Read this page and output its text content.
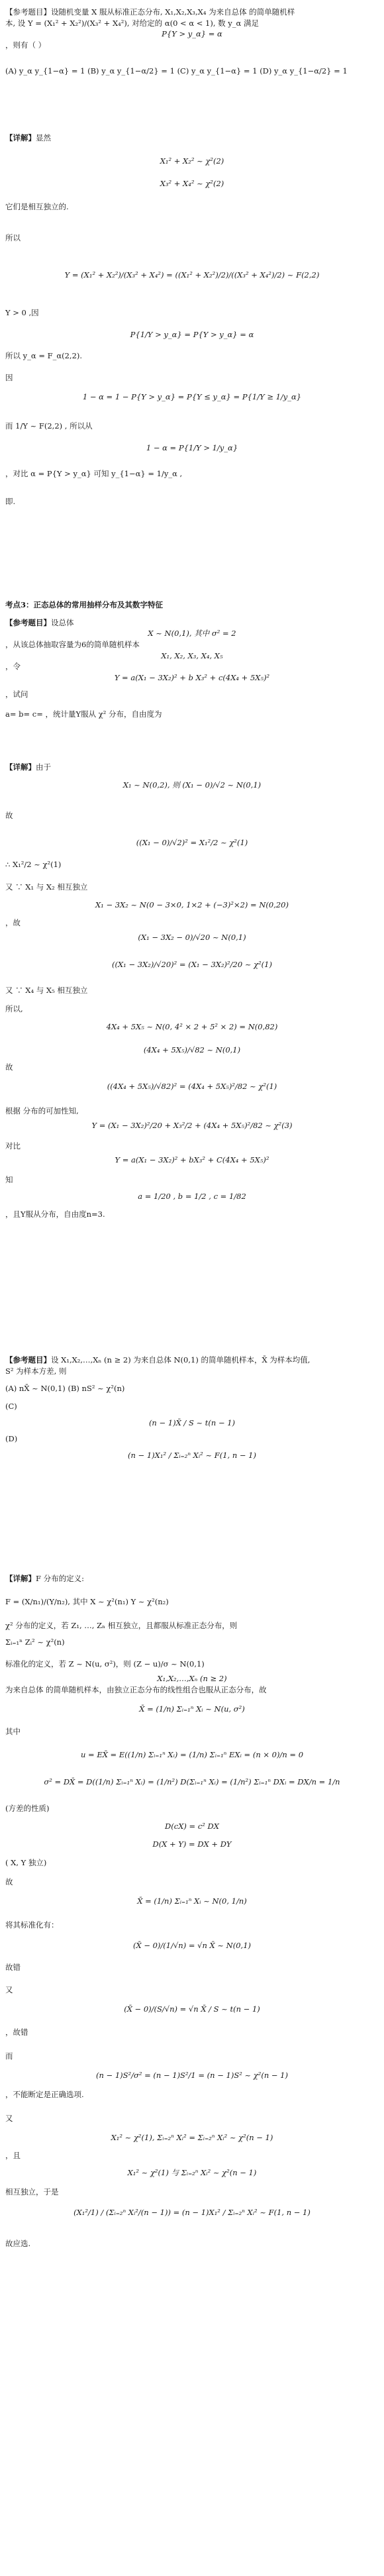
【参考题目】设随机变量 X 服从标准正态分布, X₁,X₂,X₃,X₄ 为来自总体 的简单随机样

本, 设 Y = (X₁² + X₂²)/(X₃² + X₄²), 对给定的 α(0 < α < 1), 数 y_α 满足

P{Y > y_α} = α

，则有（ ）

(A) y_α y_{1−α} = 1 (B) y_α y_{1−α/2} = 1 (C) y_α y_{1−α} = 1 (D) y_α y_{1−α/2} = 1

【详解】显然

X₁² + X₂² ~ χ²(2)

X₃² + X₄² ~ χ²(2)

它们是相互独立的.

所以

Y = (X₁² + X₂²)/(X₃² + X₄²) = ((X₁² + X₂²)/2)/((X₃² + X₄²)/2) ~ F(2,2)

Y > 0 ,因

P{1/Y > y_α} = P{Y > y_α} = α

所以 y_α = F_α(2,2).

因

1 − α = 1 − P{Y > y_α} = P{Y ≤ y_α} = P{1/Y ≥ 1/y_α}

而 1/Y ~ F(2,2) , 所以从

1 − α = P{1/Y > 1/y_α}

，对比 α = P{Y > y_α} 可知 y_{1−α} = 1/y_α ,

即.

考点3：正态总体的常用抽样分布及其数字特征

【参考题目】设总体

X ~ N(0,1), 其中 σ² = 2

，从该总体抽取容量为6的简单随机样本

X₁, X₂, X₃, X₄, X₅

，令

Y = a(X₁ − 3X₂)² + b X₃² + c(4X₄ + 5X₅)²

，试问

a= b= c= ，统计量Y服从 χ² 分布，自由度为

【详解】由于

X₁ ~ N(0,2), 则 (X₁ − 0)/√2 ~ N(0,1)

故

((X₁ − 0)/√2)² = X₁²/2 ~ χ²(1)

∴ X₁²/2 ~ χ²(1)

又 ∵ X₁ 与 X₂ 相互独立

X₁ − 3X₂ ~ N(0 − 3×0, 1×2 + (−3)²×2) = N(0,20)

，故

(X₁ − 3X₂ − 0)/√20 ~ N(0,1)

((X₁ − 3X₂)/√20)² = (X₁ − 3X₂)²/20 ~ χ²(1)

又 ∵ X₄ 与 X₅ 相互独立

所以,

4X₄ + 5X₅ ~ N(0, 4² × 2 + 5² × 2) = N(0,82)

(4X₄ + 5X₅)/√82 ~ N(0,1)

故

((4X₄ + 5X₅)/√82)² = (4X₄ + 5X₅)²/82 ~ χ²(1)

根据 分布的可加性知,

Y = (X₁ − 3X₂)²/20 + X₃²/2 + (4X₄ + 5X₅)²/82 ~ χ²(3)

对比

Y = a(X₁ − 3X₂)² + bX₃² + C(4X₄ + 5X₅)²

知

a = 1/20 , b = 1/2 , c = 1/82

，且Y服从分布，自由度n=3.

【参考题目】设 X₁,X₂,…,Xₙ (n ≥ 2) 为来自总体 N(0,1) 的简单随机样本，X̄ 为样本均值,

S² 为样本方差, 则

(A) nX̄ ~ N(0,1) (B) nS² ~ χ²(n)

(C)

(n − 1)X̄ / S ~ t(n − 1)

(D)

(n − 1)X₁² / Σᵢ₌₂ⁿ Xᵢ² ~ F(1, n − 1)

【详解】F 分布的定义:

F = (X/n₁)/(Y/n₂), 其中 X ~ χ²(n₁) Y ~ χ²(n₂)

χ² 分布的定义，若 Z₁, …, Zₙ 相互独立，且都服从标准正态分布，则

Σᵢ₌₁ⁿ Zᵢ² ~ χ²(n)

标准化的定义，若 Z ~ N(u, σ²)，则 (Z − u)/σ ~ N(0,1)

X₁,X₂,…,Xₙ (n ≥ 2)

为来自总体 的简单随机样本，由独立正态分布的线性组合也服从正态分布，故

X̄ = (1/n) Σᵢ₌₁ⁿ Xᵢ ~ N(u, σ²)

其中

u = EX̄ = E((1/n) Σᵢ₌₁ⁿ Xᵢ) = (1/n) Σᵢ₌₁ⁿ EXᵢ = (n × 0)/n = 0

σ² = DX̄ = D((1/n) Σᵢ₌₁ⁿ Xᵢ) = (1/n²) D(Σᵢ₌₁ⁿ Xᵢ) = (1/n²) Σᵢ₌₁ⁿ DXᵢ = DX/n = 1/n

(方差的性质)

D(cX) = c² DX

D(X + Y) = DX + DY

( X, Y 独立)

故

X̄ = (1/n) Σᵢ₌₁ⁿ Xᵢ ~ N(0, 1/n)

将其标准化有：

(X̄ − 0)/(1/√n) = √n X̄ ~ N(0,1)

故错

又

(X̄ − 0)/(S/√n) = √n X̄ / S ~ t(n − 1)

，故错

而

(n − 1)S²/σ² = (n − 1)S²/1 = (n − 1)S² ~ χ²(n − 1)

，不能断定是正确选项.

又

X₁² ~ χ²(1), Σᵢ₌₂ⁿ Xᵢ² = Σᵢ₌₂ⁿ Xᵢ² ~ χ²(n − 1)

，且

X₁² ~ χ²(1) 与 Σᵢ₌₂ⁿ Xᵢ² ~ χ²(n − 1)

相互独立，于是

(X₁²/1) / (Σᵢ₌₂ⁿ Xᵢ²/(n − 1)) = (n − 1)X₁² / Σᵢ₌₂ⁿ Xᵢ² ~ F(1, n − 1)

故应选.
